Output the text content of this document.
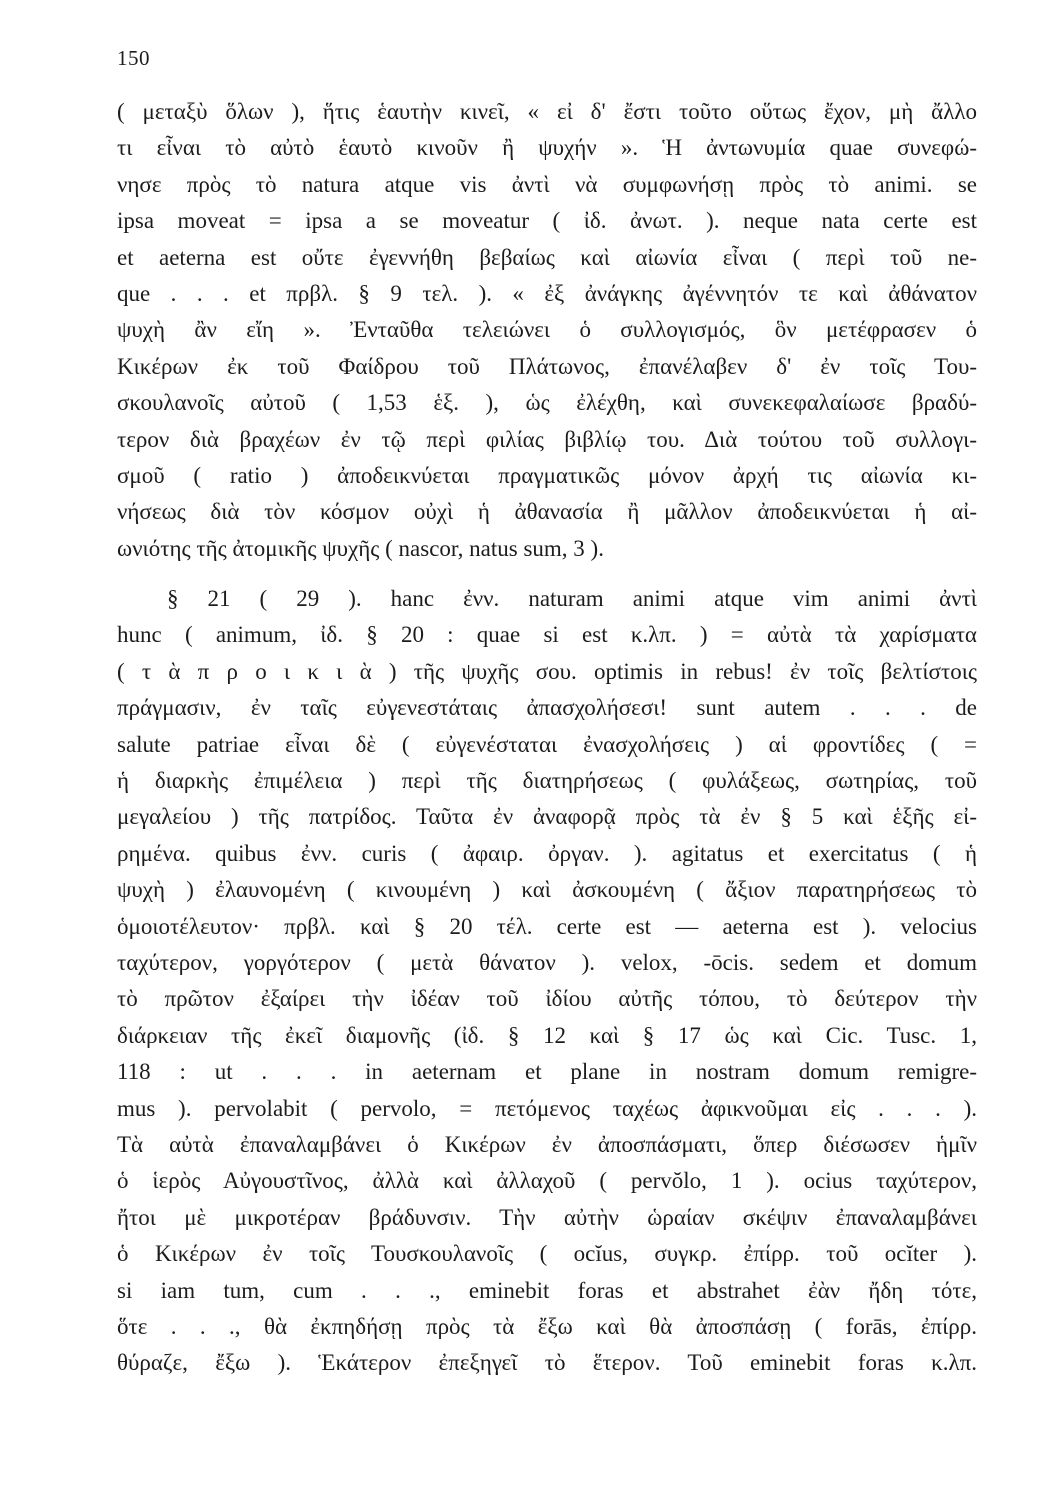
150
( μεταξὺ ὅλων ), ἥτις ἑαυτὴν κινεῖ, « εἰ δ' ἔστι τοῦτο οὕτως ἔχον, μὴ ἄλλο
τι εἶναι τὸ αὐτὸ ἑαυτὸ κινοῦν ἢ ψυχήν ». Ἡ ἀντωνυμία quae συνεφώ-
νησε πρὸς τὸ natura atque vis ἀντὶ νὰ συμφωνήσῃ πρὸς τὸ animi. se
ipsa moveat = ipsa a se moveatur ( ἰδ. ἀνωτ. ). neque nata certe est
et aeterna est οὔτε ἐγεννήθη βεβαίως καὶ αἰωνία εἶναι ( περὶ τοῦ ne-
que . . . et πρβλ. § 9 τελ. ). « ἐξ ἀνάγκης ἀγέννητόν τε καὶ ἀθάνατον
ψυχὴ ἂν εἴη ». Ἐνταῦθα τελειώνει ὁ συλλογισμός, ὃν μετέφρασεν ὁ
Κικέρων ἐκ τοῦ Φαίδρου τοῦ Πλάτωνος, ἐπανέλαβεν δ' ἐν τοῖς Του-
σκουλανοῖς αὐτοῦ ( 1,53 ἑξ. ), ὡς ἐλέχθη, καὶ συνεκεφαλαίωσε βραδύ-
τερον διὰ βραχέων ἐν τῷ περὶ φιλίας βιβλίῳ του. Διὰ τούτου τοῦ συλλογι-
σμοῦ ( ratio ) ἀποδεικνύεται πραγματικῶς μόνον ἀρχή τις αἰωνία κι-
νήσεως διὰ τὸν κόσμον οὐχὶ ἡ ἀθανασία ἢ μᾶλλον ἀποδεικνύεται ἡ αἰ-
ωνιότης τῆς ἀτομικῆς ψυχῆς ( nascor, natus sum, 3 ).
§ 21 ( 29 ). hanc ἐνν. naturam animi atque vim animi ἀντὶ
hunc ( animum, ἰδ. § 20 : quae si est κ.λπ. ) = αὐτὰ τὰ χαρίσματα
( τ ὰ π ρ ο ι κ ι ὰ ) τῆς ψυχῆς σου. optimis in rebus! ἐν τοῖς βελτίστοις
πράγμασιν, ἐν ταῖς εὐγενεστάταις ἀπασχολήσεσι! sunt autem . . . de
salute patriae εἶναι δὲ ( εὐγενέσταται ἐνασχολήσεις ) αἱ φροντίδες ( =
ἡ διαρκὴς ἐπιμέλεια ) περὶ τῆς διατηρήσεως ( φυλάξεως, σωτηρίας, τοῦ
μεγαλείου ) τῆς πατρίδος. Ταῦτα ἐν ἀναφορᾷ πρὸς τὰ ἐν § 5 καὶ ἑξῆς εἰ-
ρημένα. quibus ἐνν. curis ( ἀφαιρ. ὀργαν. ). agitatus et exercitatus ( ἡ
ψυχὴ ) ἐλαυνομένη ( κινουμένη ) καὶ ἀσκουμένη ( ἄξιον παρατηρήσεως τὸ
ὁμοιοτέλευτον· πρβλ. καὶ § 20 τέλ. certe est — aeterna est ). velocius
ταχύτερον, γοργότερον ( μετὰ θάνατον ). velox, -ōcis. sedem et domum
τὸ πρῶτον ἐξαίρει τὴν ἰδέαν τοῦ ἰδίου αὐτῆς τόπου, τὸ δεύτερον τὴν
διάρκειαν τῆς ἐκεῖ διαμονῆς (ἰδ. § 12 καὶ § 17 ὡς καὶ Cic. Tusc. 1,
118 : ut . . . in aeternam et plane in nostram domum remigre-
mus ). pervolabit ( pervolo, = πετόμενος ταχέως ἀφικνοῦμαι εἰς . . . ).
Τὰ αὐτὰ ἐπαναλαμβάνει ὁ Κικέρων ἐν ἀποσπάσματι, ὅπερ διέσωσεν ἡμῖν
ὁ ἱερὸς Αὐγουστῖνος, ἀλλὰ καὶ ἀλλαχοῦ ( pervŏlo, 1 ). ocius ταχύτερον,
ἤτοι μὲ μικροτέραν βράδυνσιν. Τὴν αὐτὴν ὡραίαν σκέψιν ἐπαναλαμβάνει
ὁ Κικέρων ἐν τοῖς Τουσκουλανοῖς ( ocĭus, συγκρ. ἐπίρρ. τοῦ ocĭter ).
si iam tum, cum . . ., eminebit foras et abstrahet ἐὰν ἤδη τότε,
ὅτε . . ., θὰ ἐκπηδήσῃ πρὸς τὰ ἔξω καὶ θὰ ἀποσπάσῃ ( forās, ἐπίρρ.
θύραζε, ἔξω ). Ἑκάτερον ἐπεξηγεῖ τὸ ἕτερον. Τοῦ eminebit foras κ.λπ.
